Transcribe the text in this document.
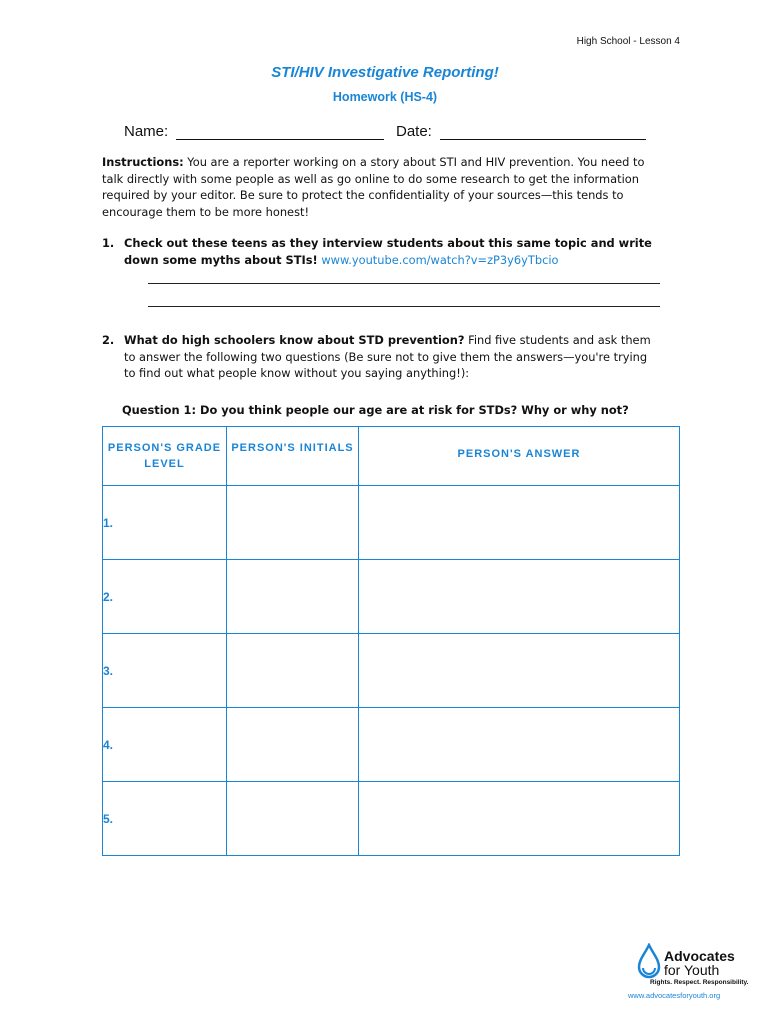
High School - Lesson 4
STI/HIV Investigative Reporting!
Homework (HS-4)
Name:	Date:
Instructions: You are a reporter working on a story about STI and HIV prevention. You need to talk directly with some people as well as go online to do some research to get the information required by your editor. Be sure to protect the confidentiality of your sources—this tends to encourage them to be more honest!
1. Check out these teens as they interview students about this same topic and write down some myths about STIs! www.youtube.com/watch?v=zP3y6yTbcio
2. What do high schoolers know about STD prevention? Find five students and ask them to answer the following two questions (Be sure not to give them the answers—you're trying to find out what people know without you saying anything!):
Question 1: Do you think people our age are at risk for STDs? Why or why not?
PERSON'S GRADE LEVEL	PERSON'S INITIALS	PERSON'S ANSWER

1.		
2.		
3.		
4.		
5.		
Advocates
for Youth
Rights. Respect. Responsibility.
www.advocatesforyouth.org
